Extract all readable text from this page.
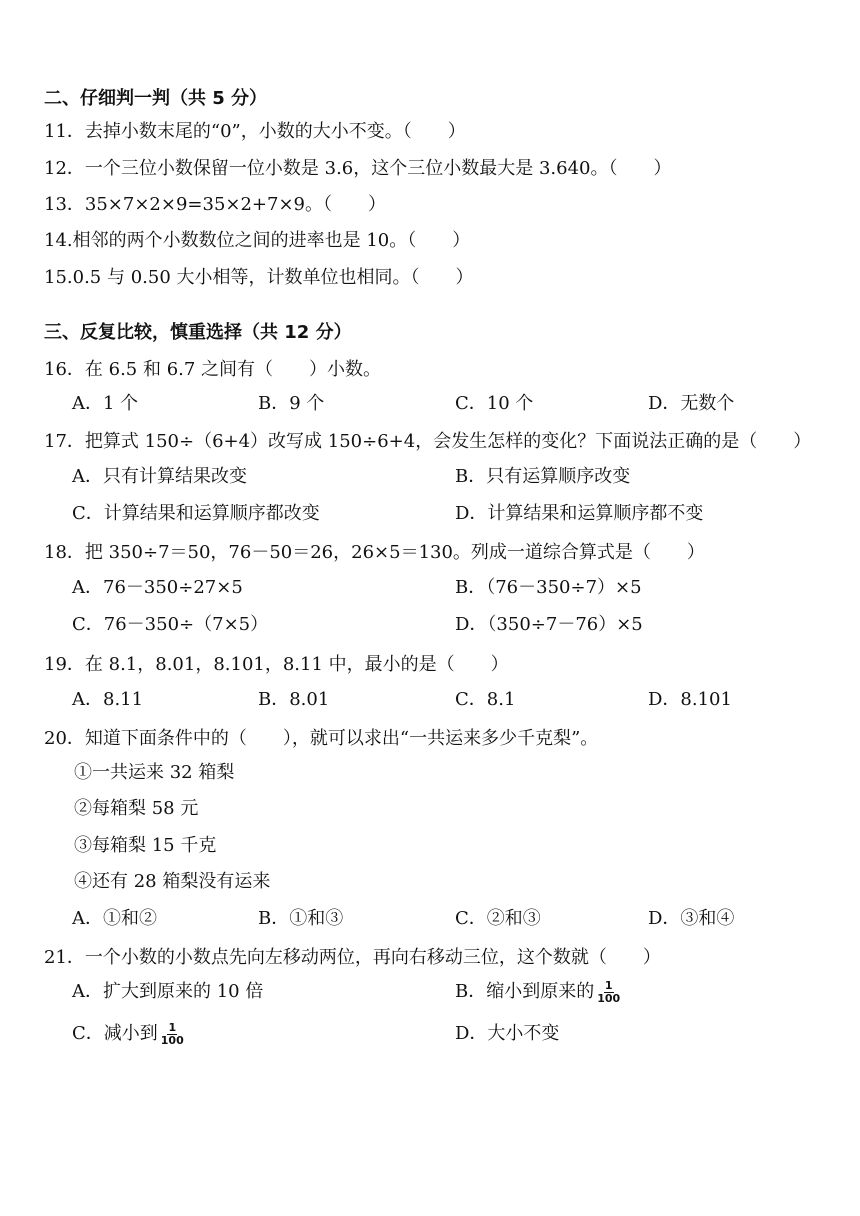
二、仔细判一判（共 5 分）
11．去掉小数末尾的“0”，小数的大小不变。（　　）
12．一个三位小数保留一位小数是 3.6，这个三位小数最大是 3.640。（　　）
13．35×7×2×9=35×2+7×9。（　　）
14.相邻的两个小数数位之间的进率也是 10。（　　）
15.0.5 与 0.50 大小相等，计数单位也相同。（　　）
三、反复比较，慎重选择（共 12 分）
16．在 6.5 和 6.7 之间有（　　）小数。
A．1 个	B．9 个	C．10 个	D．无数个
17．把算式 150÷（6+4）改写成 150÷6+4，会发生怎样的变化？下面说法正确的是（　　）
A．只有计算结果改变	B．只有运算顺序改变
C．计算结果和运算顺序都改变	D．计算结果和运算顺序都不变
18．把 350÷7＝50，76－50＝26，26×5＝130。列成一道综合算式是（　　）
A．76－350÷27×5	B．（76－350÷7）×5
C．76－350÷（7×5）	D．（350÷7－76）×5
19．在 8.1，8.01，8.101，8.11 中，最小的是（　　）
A．8.11	B．8.01	C．8.1	D．8.101
20．知道下面条件中的（　　），就可以求出“一共运来多少千克梨”。
①一共运来 32 箱梨
②每箱梨 58 元
③每箱梨 15 千克
④还有 28 箱梨没有运来
A．①和②	B．①和③	C．②和③	D．③和④
21．一个小数的小数点先向左移动两位，再向右移动三位，这个数就（　　）
A．扩大到原来的 10 倍	B．缩小到原来的 $\frac{1}{100}$
C．减小到 $\frac{1}{100}$	D．大小不变
